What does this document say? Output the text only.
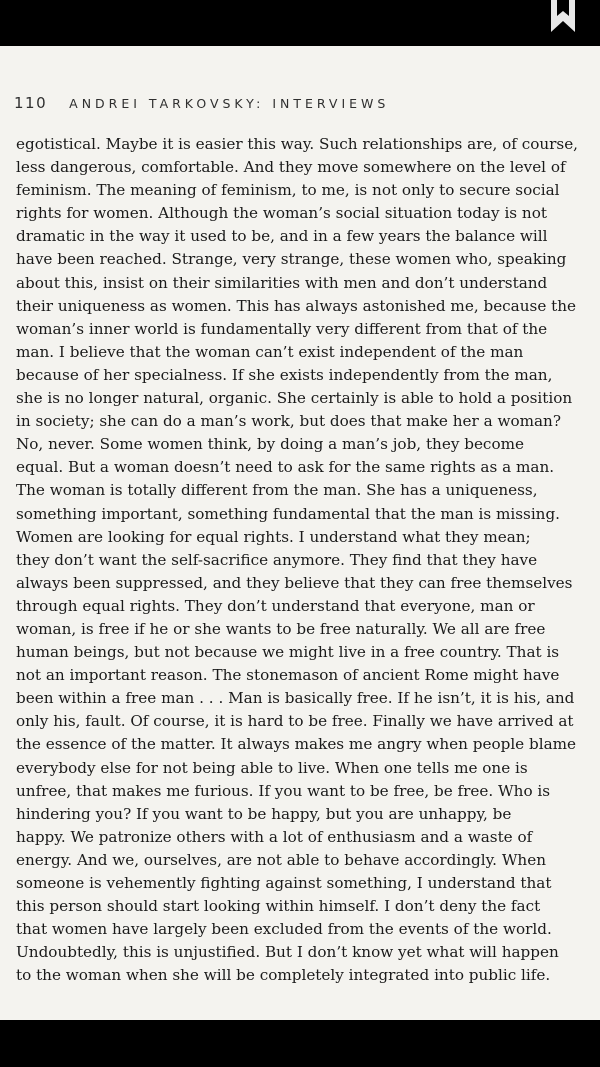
110 ANDREI TARKOVSKY: INTERVIEWS

egotistical. Maybe it is easier this way. Such relationships are, of course,
less dangerous, comfortable. And they move somewhere on the level of
feminism. The meaning of feminism, to me, is not only to secure social
rights for women. Although the woman’s social situation today is not
dramatic in the way it used to be, and in a few years the balance will
have been reached. Strange, very strange, these women who, speaking
about this, insist on their similarities with men and don’t understand
their uniqueness as women. This has always astonished me, because the
woman’s inner world is fundamentally very different from that of the
man. I believe that the woman can’t exist independent of the man
because of her specialness. If she exists independently from the man,
she is no longer natural, organic. She certainly is able to hold a position
in society; she can do a man’s work, but does that make her a woman?
No, never. Some women think, by doing a man’s job, they become
equal. But a woman doesn’t need to ask for the same rights as a man.
The woman is totally different from the man. She has a uniqueness,
something important, something fundamental that the man is missing.
Women are looking for equal rights. I understand what they mean;
they don’t want the self-sacrifice anymore. They find that they have
always been suppressed, and they believe that they can free themselves
through equal rights. They don’t understand that everyone, man or
woman, is free if he or she wants to be free naturally. We all are free
human beings, but not because we might live in a free country. That is
not an important reason. The stonemason of ancient Rome might have
been within a free man . . . Man is basically free. If he isn’t, it is his, and
only his, fault. Of course, it is hard to be free. Finally we have arrived at
the essence of the matter. It always makes me angry when people blame
everybody else for not being able to live. When one tells me one is
unfree, that makes me furious. If you want to be free, be free. Who is
hindering you? If you want to be happy, but you are unhappy, be
happy. We patronize others with a lot of enthusiasm and a waste of
energy. And we, ourselves, are not able to behave accordingly. When
someone is vehemently fighting against something, I understand that
this person should start looking within himself. I don’t deny the fact
that women have largely been excluded from the events of the world.
Undoubtedly, this is unjustified. But I don’t know yet what will happen
to the woman when she will be completely integrated into public life.
